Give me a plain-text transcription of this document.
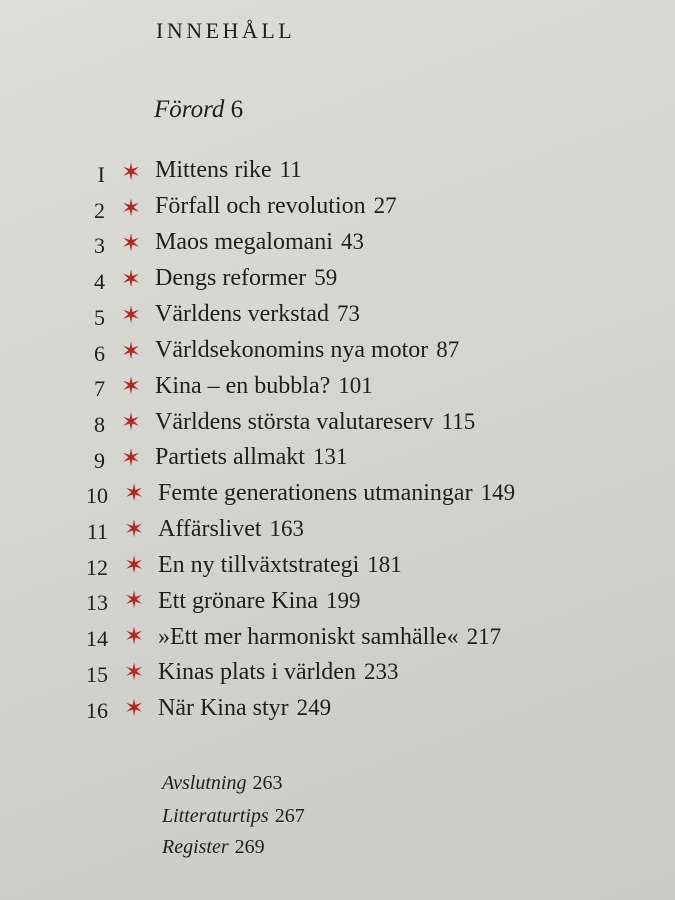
INNEHÅLL
Förord 6
I ✶ Mittens rike 11
2 ✶ Förfall och revolution 27
3 ✶ Maos megalomani 43
4 ✶ Dengs reformer 59
5 ✶ Världens verkstad 73
6 ✶ Världsekonomins nya motor 87
7 ✶ Kina – en bubbla? 101
8 ✶ Världens största valutareserv 115
9 ✶ Partiets allmakt 131
10 ✶ Femte generationens utmaningar 149
11 ✶ Affärslivet 163
12 ✶ En ny tillväxtstrategi 181
13 ✶ Ett grönare Kina 199
14 ✶ »Ett mer harmoniskt samhälle« 217
15 ✶ Kinas plats i världen 233
16 ✶ När Kina styr 249
Avslutning 263
Litteraturtips 267
Register 269
